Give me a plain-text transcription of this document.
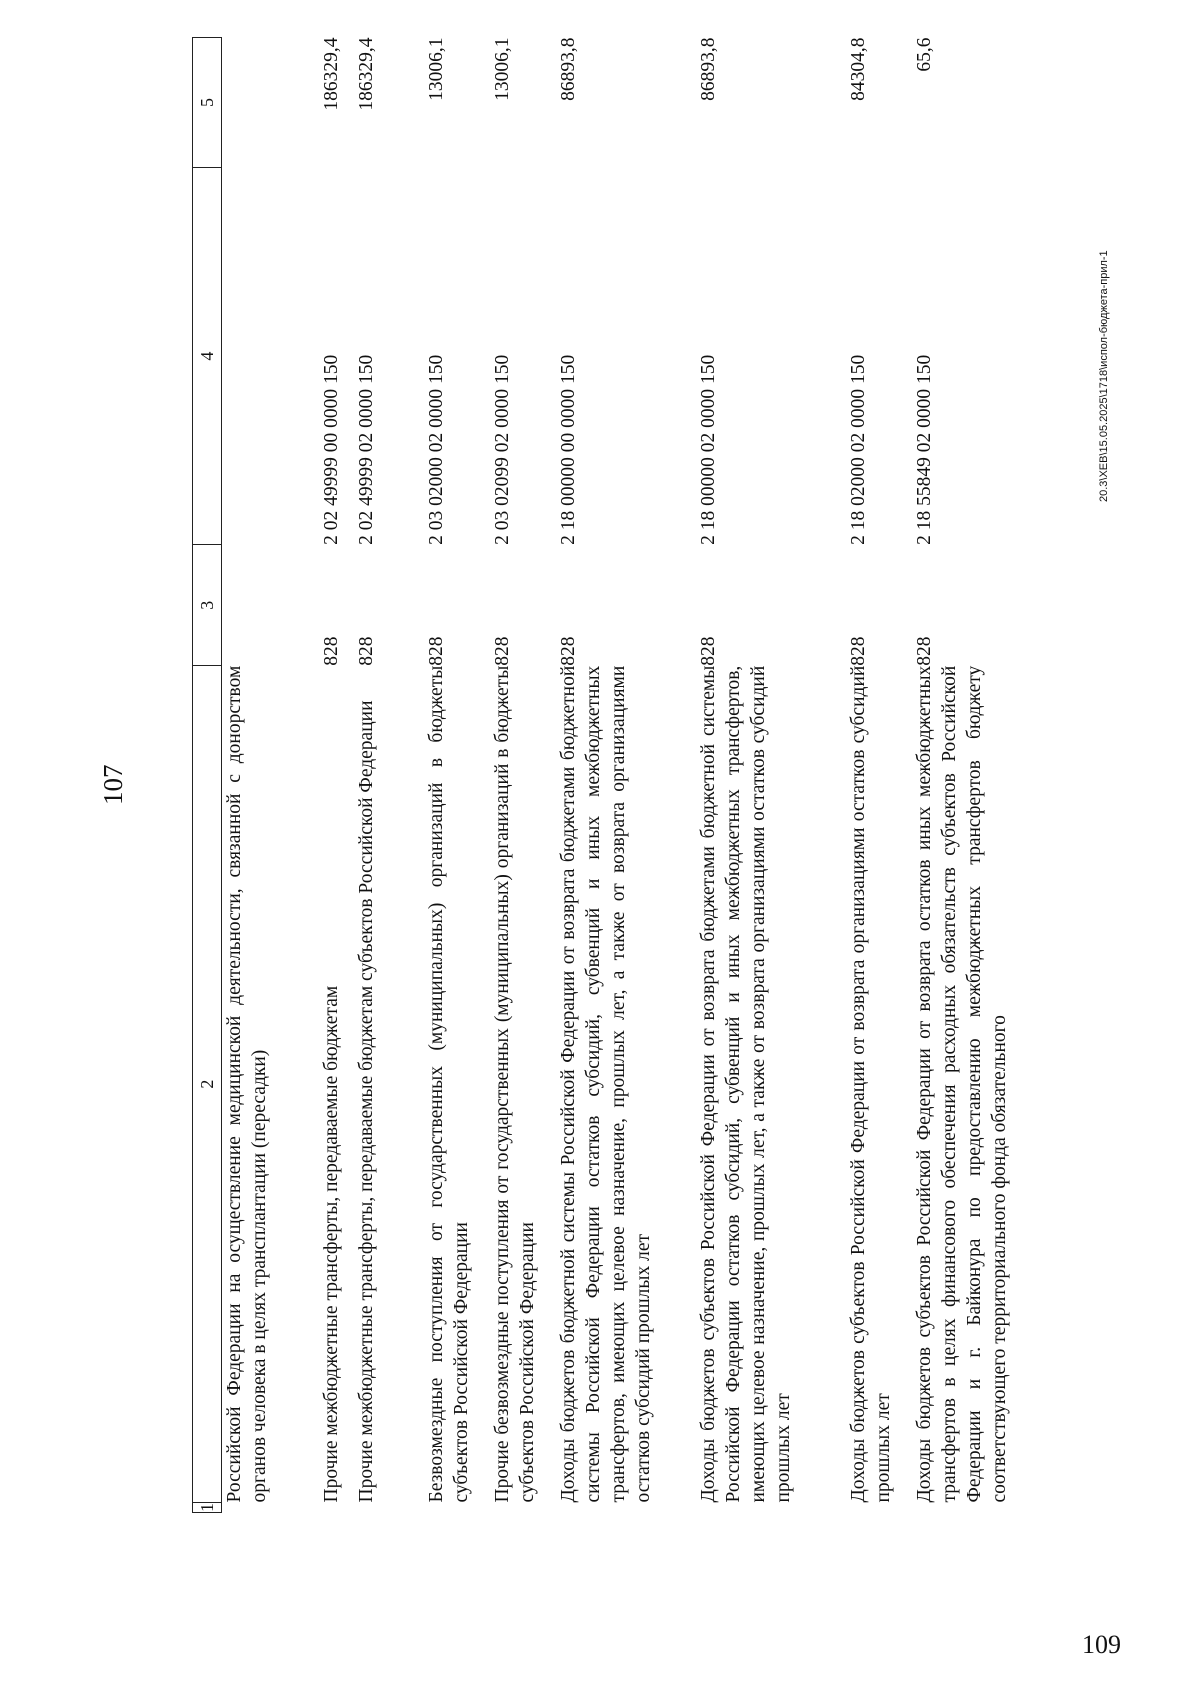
107
1	2	3	4	5
	Российской Федерации на осуществление медицинской деятельности, связанной с донорством органов человека в целях трансплантации (пересадки)			
	Прочие межбюджетные трансферты, передаваемые бюджетам	828	2 02 49999 00 0000 150	186329,4
	Прочие межбюджетные трансферты, передаваемые бюджетам субъектов Российской Федерации	828	2 02 49999 02 0000 150	186329,4
	Безвозмездные поступления от государственных (муниципальных) организаций в бюджеты субъектов Российской Федерации	828	2 03 02000 02 0000 150	13006,1
	Прочие безвозмездные поступления от государственных (муниципальных) организаций в бюджеты субъектов Российской Федерации	828	2 03 02099 02 0000 150	13006,1
	Доходы бюджетов бюджетной системы Российской Федерации от возврата бюджетами бюджетной системы Российской Федерации остатков субсидий, субвенций и иных межбюджетных трансфертов, имеющих целевое назначение, прошлых лет, а также от возврата организациями остатков субсидий прошлых лет	828	2 18 00000 00 0000 150	86893,8
	Доходы бюджетов субъектов Российской Федерации от возврата бюджетами бюджетной системы Российской Федерации остатков субсидий, субвенций и иных межбюджетных трансфертов, имеющих целевое назначение, прошлых лет, а также от возврата организациями остатков субсидий прошлых лет	828	2 18 00000 02 0000 150	86893,8
	Доходы бюджетов субъектов Российской Федерации от возврата организациями остатков субсидий прошлых лет	828	2 18 02000 02 0000 150	84304,8
	Доходы бюджетов субъектов Российской Федерации от возврата остатков иных межбюджетных трансфертов в целях финансового обеспечения расходных обязательств субъектов Российской Федерации и г. Байконура по предоставлению межбюджетных трансфертов бюджету соответствующего территориального фонда обязательного	828	2 18 55849 02 0000 150	65,6
20.3\ХЕВ\15.05.2025\1718\испол-бюджета-прил-1
109
